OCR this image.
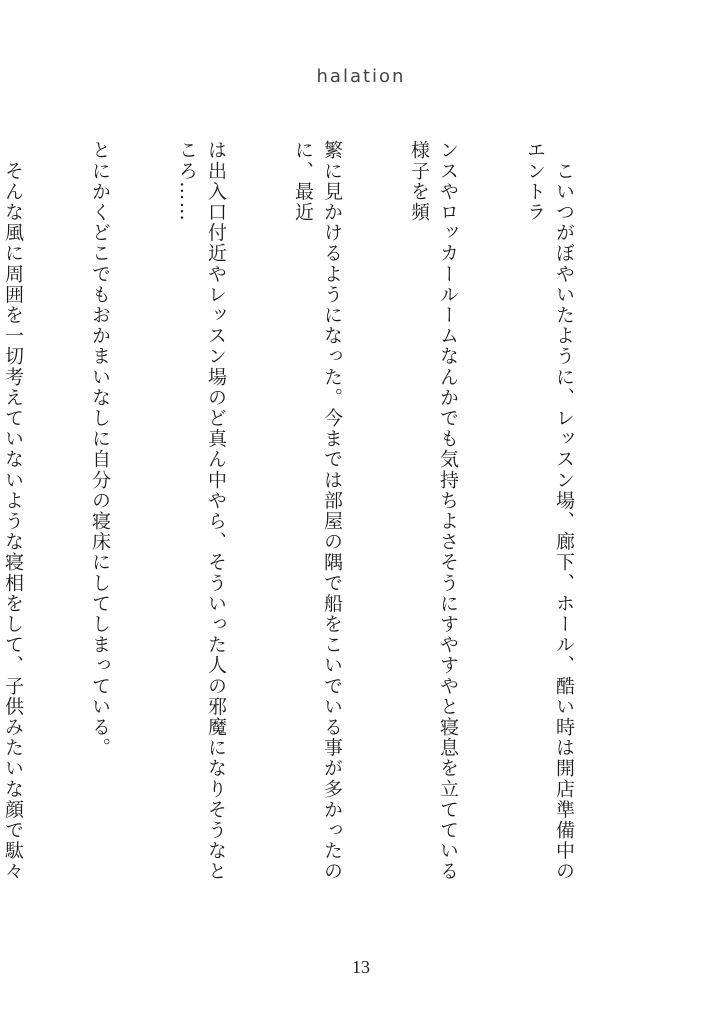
halation

　こいつがぼやいたように、レッスン場、廊下、ホール、酷い時は開店準備中のエントラ

ンスやロッカールームなんかでも気持ちよさそうにすやすやと寝息を立てている様子を頻

繁に見かけるようになった。今までは部屋の隅で船をこいでいる事が多かったのに、最近

は出入口付近やレッスン場のど真ん中やら、そういった人の邪魔になりそうなところ……

とにかくどこでもおかまいなしに自分の寝床にしてしまっている。

　そんな風に周囲を一切考えていないような寝相をして、子供みたいな顔で駄々

13
